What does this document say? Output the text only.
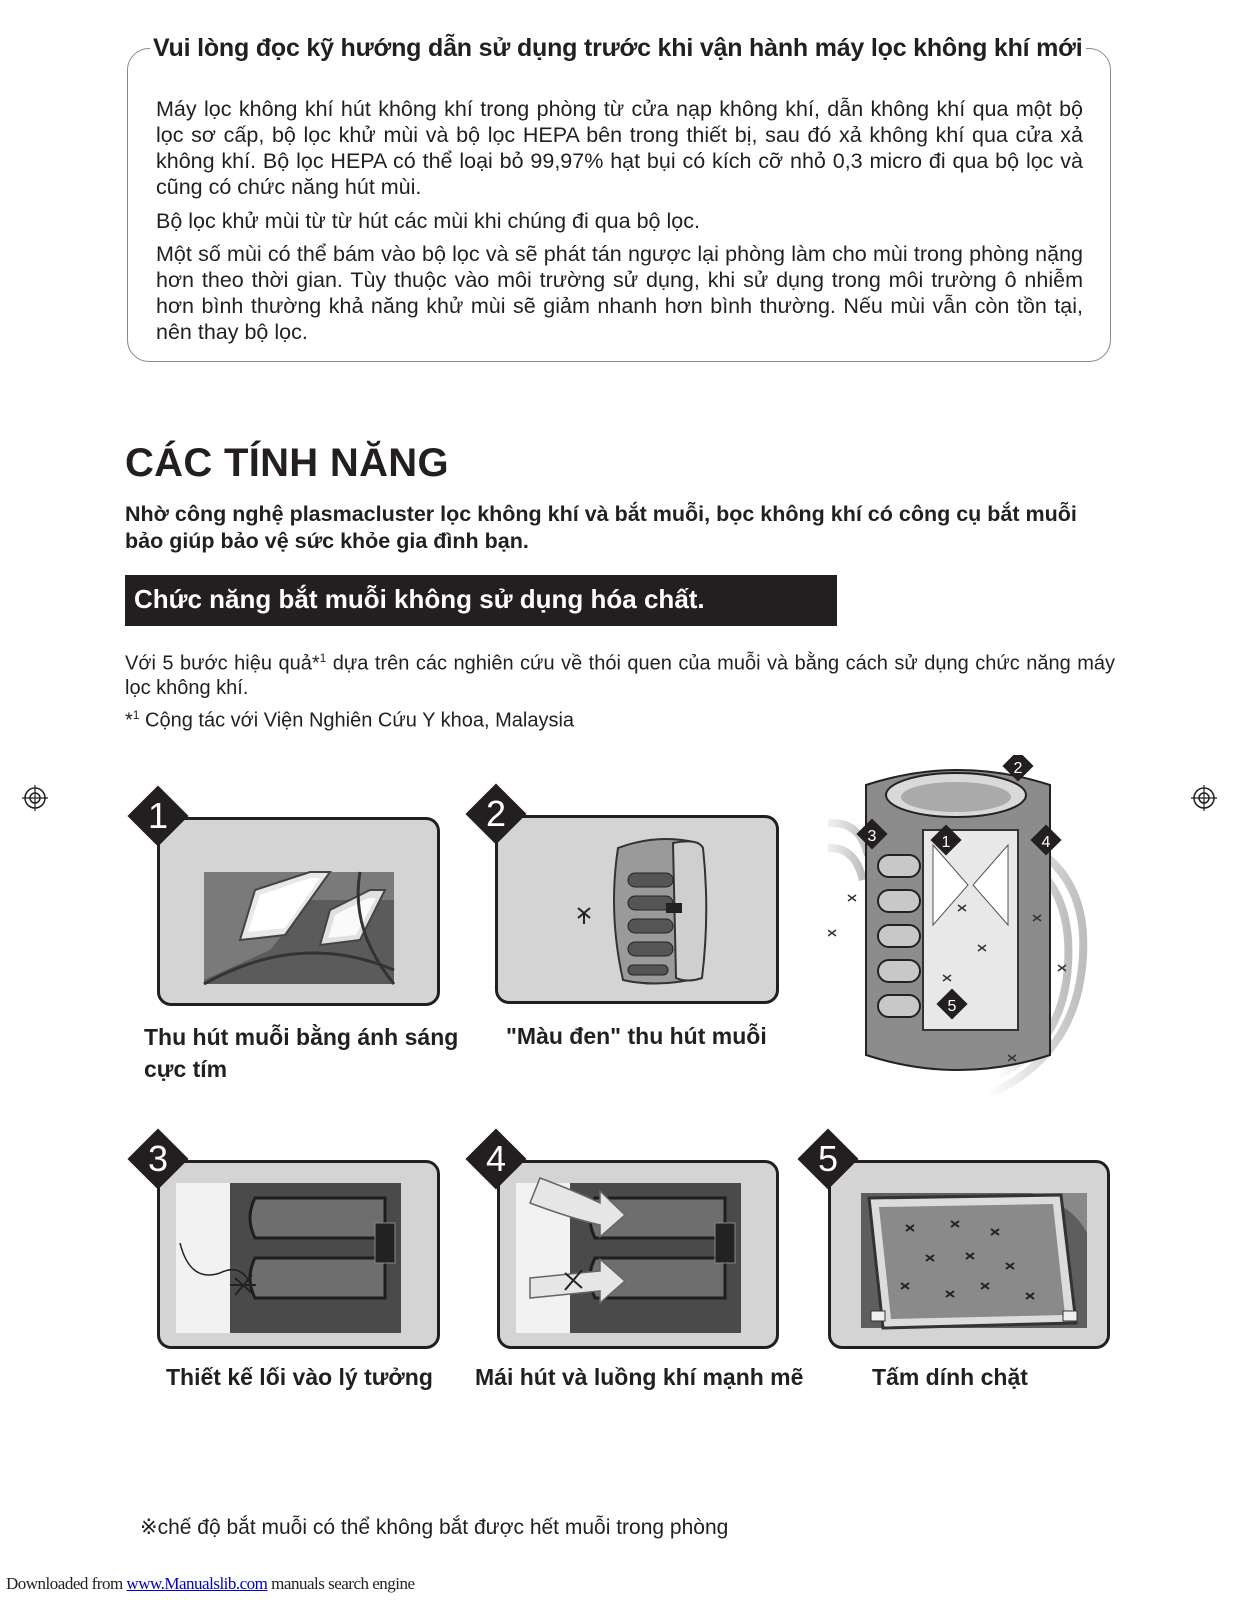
Vui lòng đọc kỹ hướng dẫn sử dụng trước khi vận hành máy lọc không khí mới
Máy lọc không khí hút không khí trong phòng từ cửa nạp không khí, dẫn không khí qua một bộ lọc sơ cấp, bộ lọc khử mùi và bộ lọc HEPA bên trong thiết bị, sau đó xả không khí qua cửa xả không khí. Bộ lọc HEPA có thể loại bỏ 99,97% hạt bụi có kích cỡ nhỏ 0,3 micro đi qua bộ lọc và cũng có chức năng hút mùi.
Bộ lọc khử mùi từ từ hút các mùi khi chúng đi qua bộ lọc.
Một số mùi có thể bám vào bộ lọc và sẽ phát tán ngược lại phòng làm cho mùi trong phòng nặng hơn theo thời gian. Tùy thuộc vào môi trường sử dụng, khi sử dụng trong môi trường ô nhiễm hơn bình thường khả năng khử mùi sẽ giảm nhanh hơn bình thường. Nếu mùi vẫn còn tồn tại, nên thay bộ lọc.
CÁC TÍNH NĂNG
Nhờ công nghệ plasmacluster lọc không khí và bắt muỗi, bọc không khí có công cụ bắt muỗi bảo giúp bảo vệ sức khỏe gia đình bạn.
Chức năng bắt muỗi không sử dụng hóa chất.
Với 5 bước hiệu quả*$^1$ dựa trên các nghiên cứu về thói quen của muỗi và bằng cách sử dụng chức năng máy lọc không khí.
*$^1$ Cộng tác với Viện Nghiên Cứu Y khoa, Malaysia
1
Thu hút muỗi bằng ánh sáng
cực tím
2
"Màu đen" thu hút muỗi
3	1
2
4
5
3
Thiết kế lối vào lý tưởng
4
Mái hút và luồng khí mạnh mẽ
5
Tấm dính chặt
※chế độ bắt muỗi có thể không bắt được hết muỗi trong phòng
Downloaded from www.Manualslib.com manuals search engine
